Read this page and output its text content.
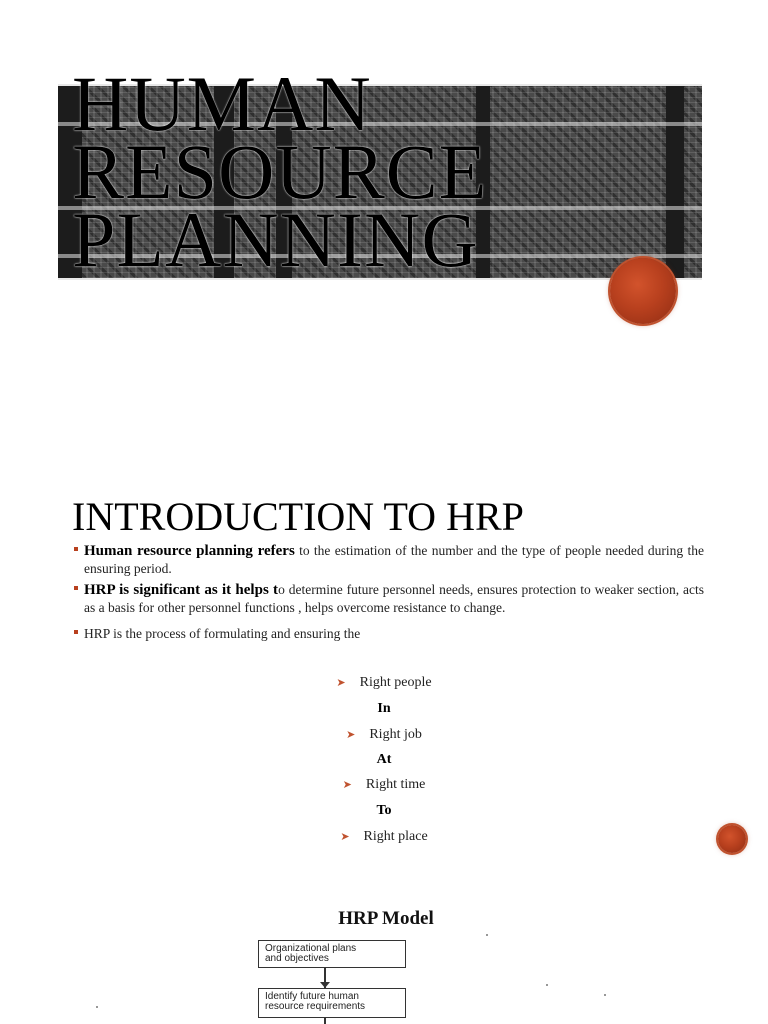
HUMAN
RESOURCE
PLANNING
INTRODUCTION TO HRP
Human resource planning refers to the estimation of the number and the type of people needed during the ensuring period.
HRP is significant as it helps to determine future personnel needs, ensures protection to weaker section, acts as a basis for other personnel functions , helps overcome resistance to change.
HRP is the process of formulating and ensuring the
➤ Right people
In
➤ Right job
At
➤ Right time
To
➤ Right place
HRP Model
Organizational plans
and objectives
Identify future human
resource requirements
